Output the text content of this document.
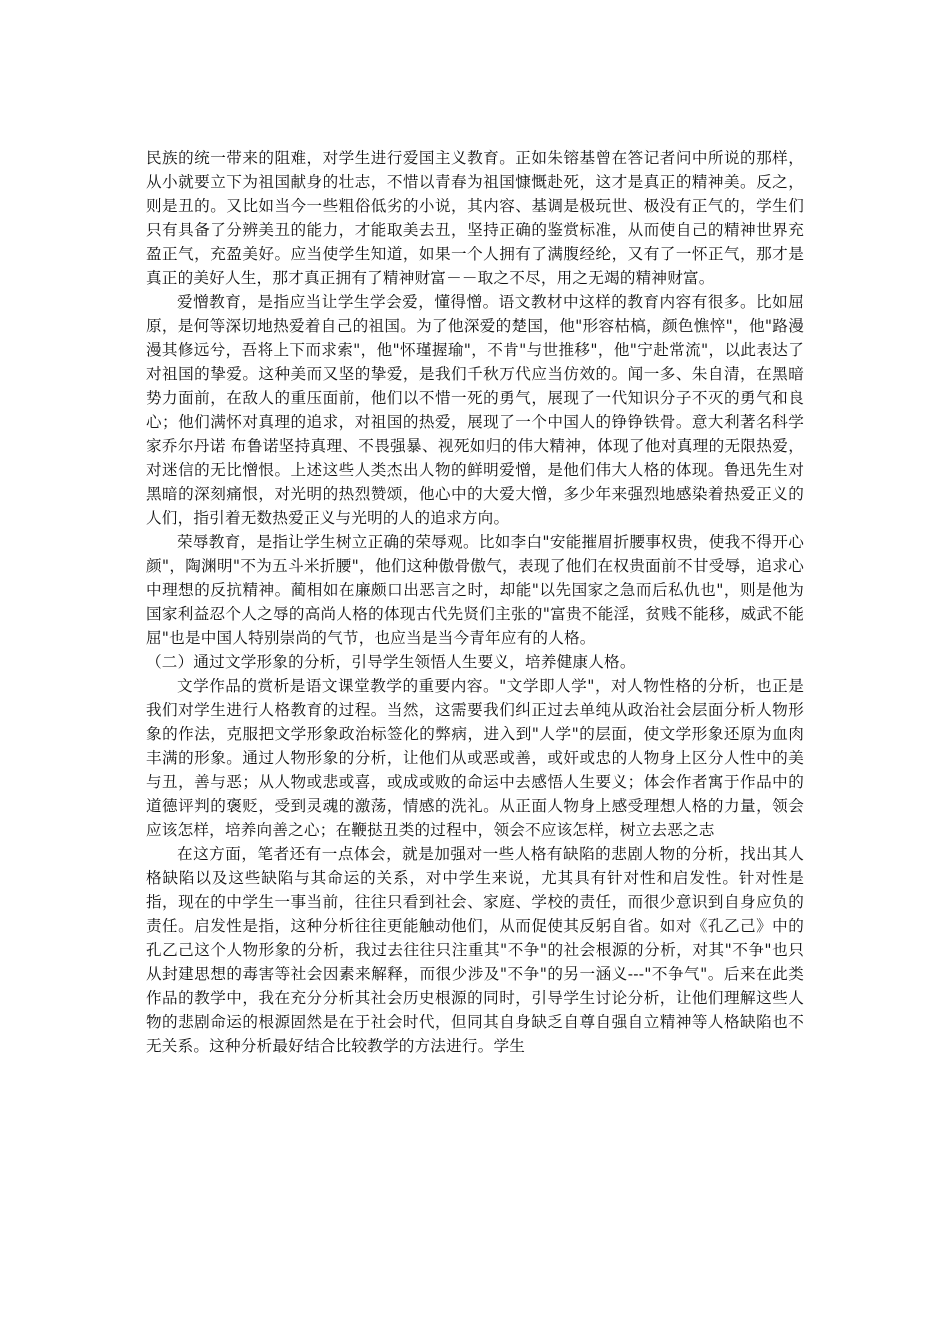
民族的统一带来的阻难，对学生进行爱国主义教育。正如朱镕基曾在答记者问中所说的那样，从小就要立下为祖国献身的壮志，不惜以青春为祖国慷慨赴死，这才是真正的精神美。反之，则是丑的。又比如当今一些粗俗低劣的小说，其内容、基调是极玩世、极没有正气的，学生们只有具备了分辨美丑的能力，才能取美去丑，坚持正确的鉴赏标准，从而使自己的精神世界充盈正气，充盈美好。应当使学生知道，如果一个人拥有了满腹经纶，又有了一怀正气，那才是真正的美好人生，那才真正拥有了精神财富－－取之不尽，用之无竭的精神财富。

爱憎教育，是指应当让学生学会爱，懂得憎。语文教材中这样的教育内容有很多。比如屈原，是何等深切地热爱着自己的祖国。为了他深爱的楚国，他"形容枯槁，颜色憔悴"，他"路漫漫其修远兮，吾将上下而求索"，他"怀瑾握瑜"，不肯"与世推移"，他"宁赴常流"，以此表达了对祖国的挚爱。这种美而又坚的挚爱，是我们千秋万代应当仿效的。闻一多、朱自清，在黑暗势力面前，在敌人的重压面前，他们以不惜一死的勇气，展现了一代知识分子不灭的勇气和良心；他们满怀对真理的追求，对祖国的热爱，展现了一个中国人的铮铮铁骨。意大利著名科学家乔尔丹诺 布鲁诺坚持真理、不畏强暴、视死如归的伟大精神，体现了他对真理的无限热爱，对迷信的无比憎恨。上述这些人类杰出人物的鲜明爱憎，是他们伟大人格的体现。鲁迅先生对黑暗的深刻痛恨，对光明的热烈赞颂，他心中的大爱大憎，多少年来强烈地感染着热爱正义的人们，指引着无数热爱正义与光明的人的追求方向。

荣辱教育，是指让学生树立正确的荣辱观。比如李白"安能摧眉折腰事权贵，使我不得开心颜"，陶渊明"不为五斗米折腰"，他们这种傲骨傲气，表现了他们在权贵面前不甘受辱，追求心中理想的反抗精神。蔺相如在廉颇口出恶言之时，却能"以先国家之急而后私仇也"，则是他为国家利益忍个人之辱的高尚人格的体现古代先贤们主张的"富贵不能淫，贫贱不能移，威武不能屈"也是中国人特别崇尚的气节，也应当是当今青年应有的人格。

（二）通过文学形象的分析，引导学生领悟人生要义，培养健康人格。

文学作品的赏析是语文课堂教学的重要内容。"文学即人学"，对人物性格的分析，也正是我们对学生进行人格教育的过程。当然，这需要我们纠正过去单纯从政治社会层面分析人物形象的作法，克服把文学形象政治标签化的弊病，进入到"人学"的层面，使文学形象还原为血肉丰满的形象。通过人物形象的分析，让他们从或恶或善，或奸或忠的人物身上区分人性中的美与丑，善与恶；从人物或悲或喜，或成或败的命运中去感悟人生要义；体会作者寓于作品中的道德评判的褒贬，受到灵魂的激荡，情感的洗礼。从正面人物身上感受理想人格的力量，领会应该怎样，培养向善之心；在鞭挞丑类的过程中，领会不应该怎样，树立去恶之志

在这方面，笔者还有一点体会，就是加强对一些人格有缺陷的悲剧人物的分析，找出其人格缺陷以及这些缺陷与其命运的关系，对中学生来说，尤其具有针对性和启发性。针对性是指，现在的中学生一事当前，往往只看到社会、家庭、学校的责任，而很少意识到自身应负的责任。启发性是指，这种分析往往更能触动他们，从而促使其反躬自省。如对《孔乙己》中的孔乙己这个人物形象的分析，我过去往往只注重其"不争"的社会根源的分析，对其"不争"也只从封建思想的毒害等社会因素来解释，而很少涉及"不争"的另一涵义---"不争气"。后来在此类作品的教学中，我在充分分析其社会历史根源的同时，引导学生讨论分析，让他们理解这些人物的悲剧命运的根源固然是在于社会时代，但同其自身缺乏自尊自强自立精神等人格缺陷也不无关系。这种分析最好结合比较教学的方法进行。学生
